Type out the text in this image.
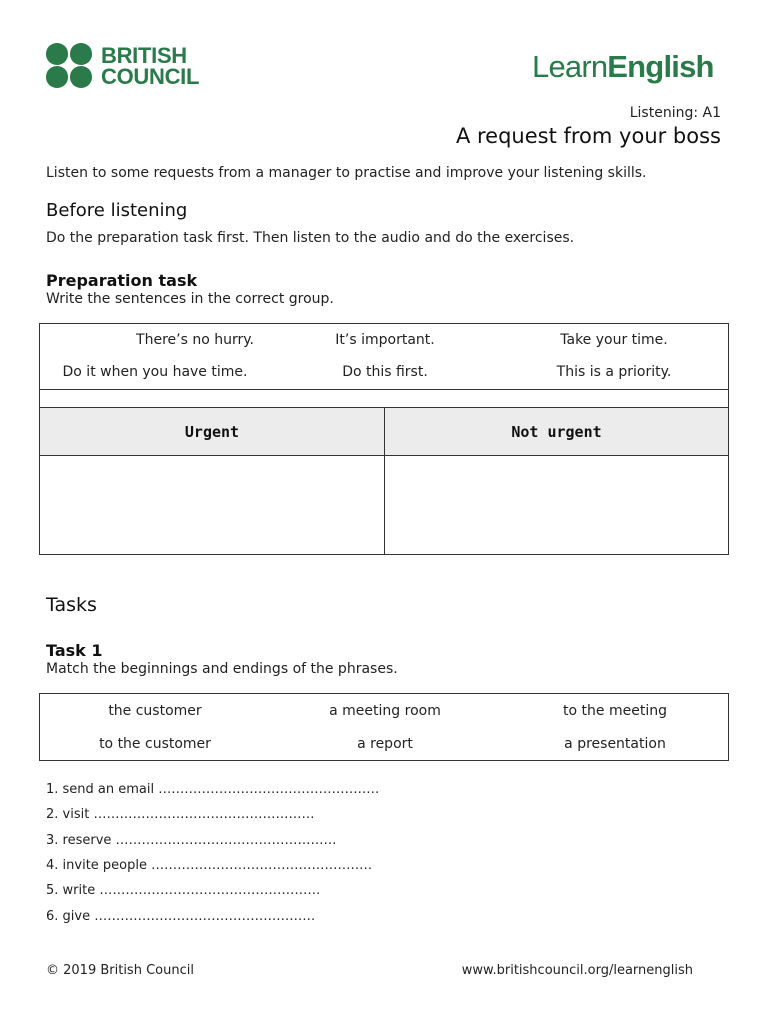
BRITISH
COUNCIL	LearnEnglish
Listening: A1
A request from your boss
Listen to some requests from a manager to practise and improve your listening skills.
Before listening
Do the preparation task first. Then listen to the audio and do the exercises.
Preparation task
Write the sentences in the correct group.
There’s no hurry.	It’s important.	Take your time.
Do it when you have time.	Do this first.	This is a priority.
Urgent	Not urgent
Tasks
Task 1
Match the beginnings and endings of the phrases.
the customer	a meeting room	to the meeting
to the customer	a report	a presentation
1. send an email ……………………………………………
2. visit ……………………………………………
3. reserve ……………………………………………
4. invite people ……………………………………………
5. write ……………………………………………
6. give ……………………………………………
© 2019 British Council	www.britishcouncil.org/learnenglish
